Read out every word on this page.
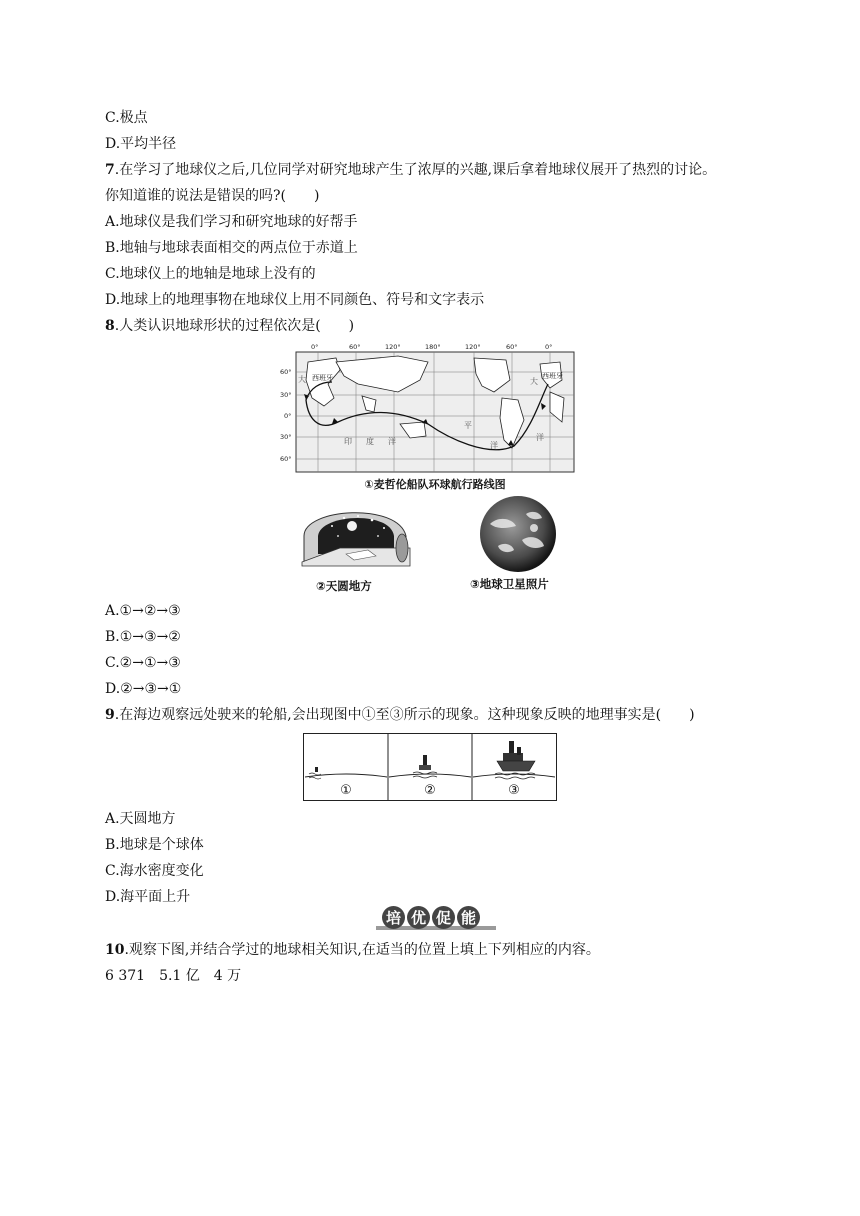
C.极点
D.平均半径
7.在学习了地球仪之后,几位同学对研究地球产生了浓厚的兴趣,课后拿着地球仪展开了热烈的讨论。
你知道谁的说法是错误的吗?(　　)
A.地球仪是我们学习和研究地球的好帮手
B.地轴与地球表面相交的两点位于赤道上
C.地球仪上的地轴是地球上没有的
D.地球上的地理事物在地球仪上用不同颜色、符号和文字表示
8.人类认识地球形状的过程依次是(　　)
0°	60°	120°	180°	120°	60°	0°
60°
30°
0°
30°
60°
西班牙	西班牙
大	大
平
洋
洋
印 度 洋
①麦哲伦船队环球航行路线图
②天圆地方	③地球卫星照片
A.①→②→③
B.①→③→②
C.②→①→③
D.②→③→①
9.在海边观察远处驶来的轮船,会出现图中①至③所示的现象。这种现象反映的地理事实是(　　)
①	②	③
A.天圆地方
B.地球是个球体
C.海水密度变化
D.海平面上升
培 优 促 能
10.观察下图,并结合学过的地球相关知识,在适当的位置上填上下列相应的内容。
6 371　5.1 亿　4 万
